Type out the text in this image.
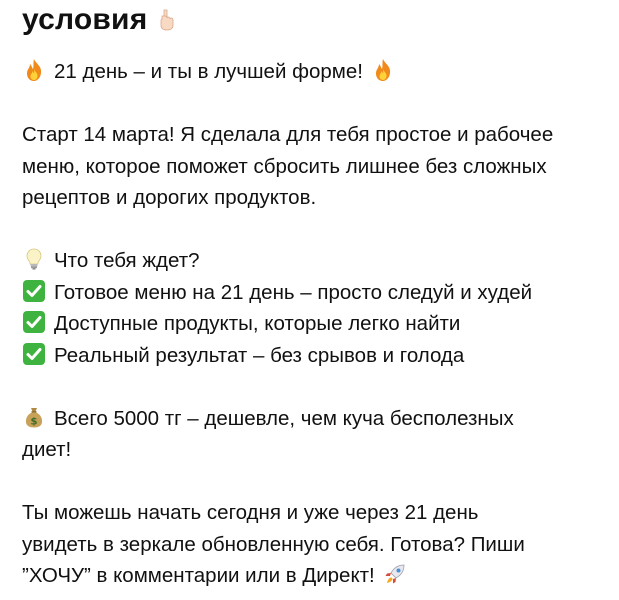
условия

21 день – и ты в лучшей форме!

Старт 14 марта! Я сделала для тебя простое и рабочее
меню, которое поможет сбросить лишнее без сложных
рецептов и дорогих продуктов.

Что тебя ждет?
Готовое меню на 21 день – просто следуй и худей
Доступные продукты, которые легко найти
Реальный результат – без срывов и голода

$ Всего 5000 тг – дешевле, чем куча бесполезных
диет!

Ты можешь начать сегодня и уже через 21 день
увидеть в зеркале обновленную себя. Готова? Пиши
”ХОЧУ” в комментарии или в Директ!
